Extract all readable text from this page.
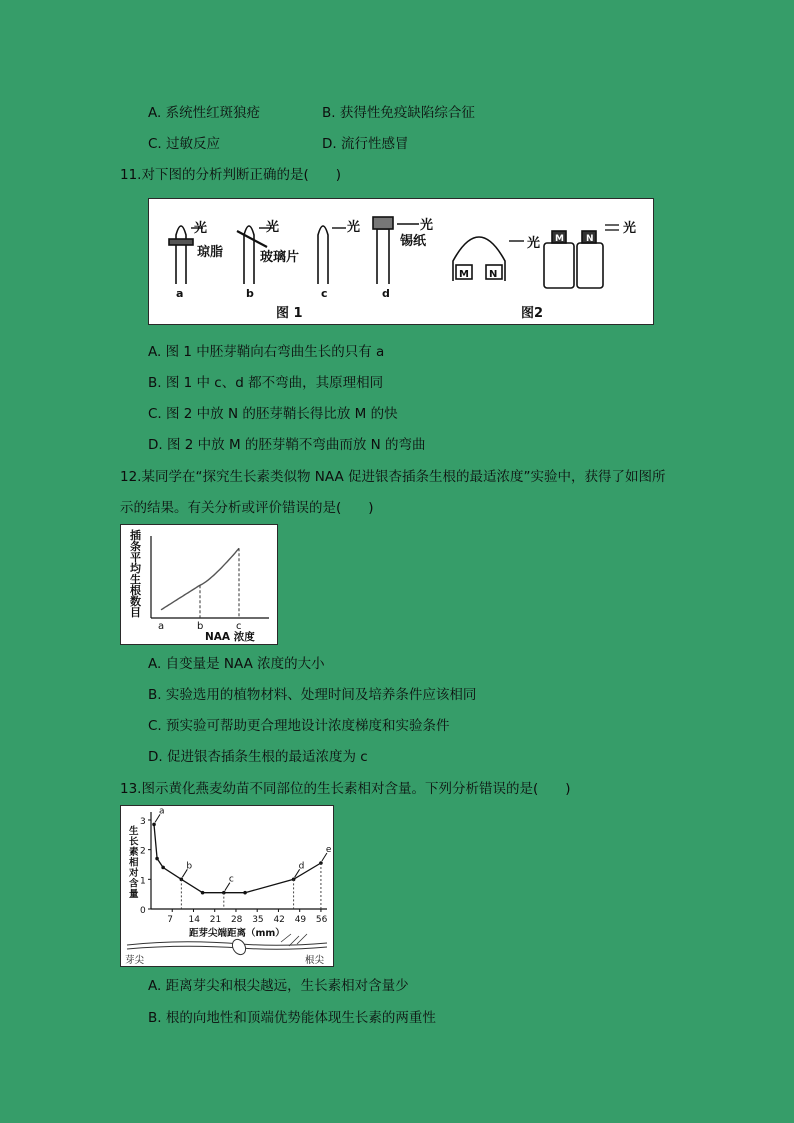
A. 系统性红斑狼疮	B. 获得性免疫缺陷综合征
C. 过敏反应	D. 流行性感冒
11.对下图的分析判断正确的是(　　)
光
琼脂
a
光
玻璃片
b
光
c
光
锡纸
d
图 1
M N
光 M N
光
图2
A. 图 1 中胚芽鞘向右弯曲生长的只有 a
B. 图 1 中 c、d 都不弯曲，其原理相同
C. 图 2 中放 N 的胚芽鞘长得比放 M 的快
D. 图 2 中放 M 的胚芽鞘不弯曲而放 N 的弯曲
12.某同学在“探究生长素类似物 NAA 促进银杏插条生根的最适浓度”实验中，获得了如图所
示的结果。有关分析或评价错误的是(　　)
插条平均生根数目
a	b	c
NAA 浓度
A. 自变量是 NAA 浓度的大小
B. 实验选用的植物材料、处理时间及培养条件应该相同
C. 预实验可帮助更合理地设计浓度梯度和实验条件
D. 促进银杏插条生根的最适浓度为 c
13.图示黄化燕麦幼苗不同部位的生长素相对含量。下列分析错误的是(　　)
0
1
2
3
7 14 21 28 35 42 49 56
生长素相对含量
a
b
c
d
e
距芽尖端距离（mm）
芽尖	根尖
A. 距离芽尖和根尖越远，生长素相对含量少
B. 根的向地性和顶端优势能体现生长素的两重性
